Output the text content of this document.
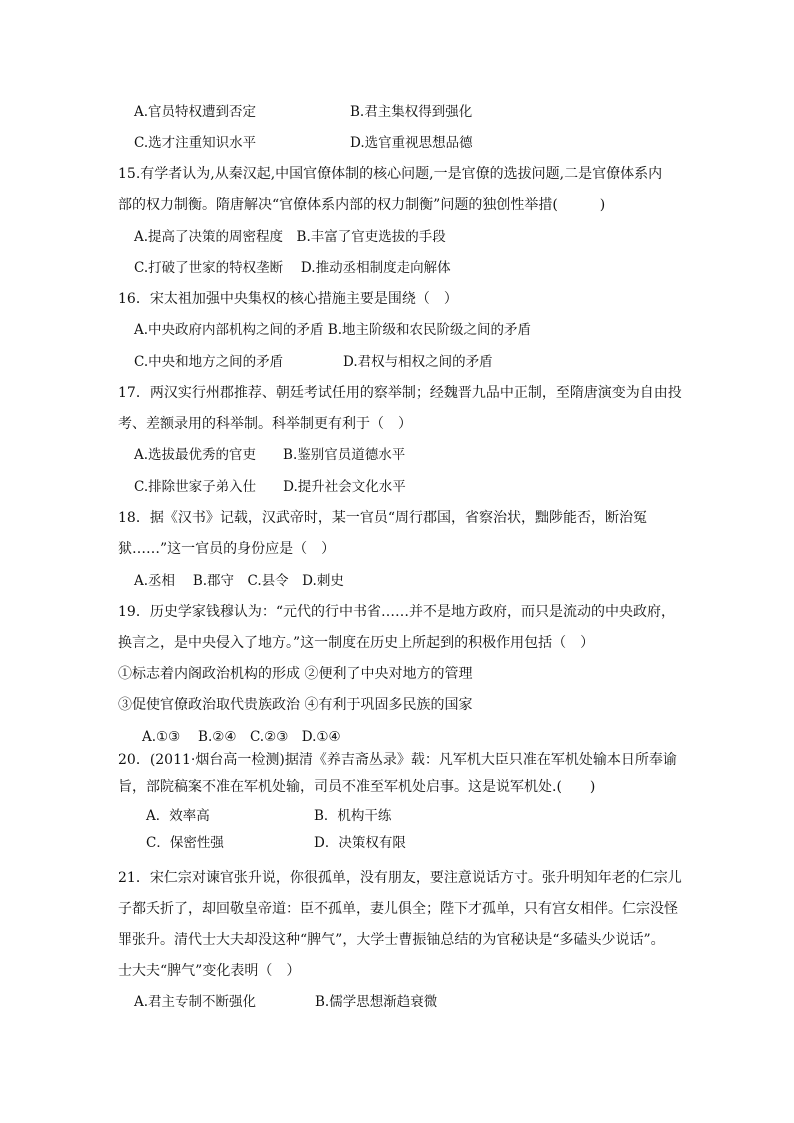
A.官员特权遭到否定	B.君主集权得到强化
C.选才注重知识水平	D.选官重视思想品德
15.有学者认为,从秦汉起,中国官僚体制的核心问题,一是官僚的选拔问题,二是官僚体系内
部的权力制衡。隋唐解决“官僚体系内部的权力制衡”问题的独创性举措(　　　)
A.提高了决策的周密程度　B.丰富了官吏选拔的手段
C.打破了世家的特权垄断　 D.推动丞相制度走向解体
16．宋太祖加强中央集权的核心措施主要是围绕（　）
A.中央政府内部机构之间的矛盾 B.地主阶级和农民阶级之间的矛盾
C.中央和地方之间的矛盾	D.君权与相权之间的矛盾
17．两汉实行州郡推荐、朝廷考试任用的察举制；经魏晋九品中正制，至隋唐演变为自由投
考、差额录用的科举制。科举制更有利于（　）
A.选拔最优秀的官吏　　B.鉴别官员道德水平
C.排除世家子弟入仕　　D.提升社会文化水平
18．据《汉书》记载，汉武帝时，某一官员“周行郡国，省察治状，黜陟能否，断治冤
狱……”这一官员的身份应是（　）
A.丞相　 B.郡守　C.县令　D.刺史
19．历史学家钱穆认为：“元代的行中书省……并不是地方政府，而只是流动的中央政府，
换言之，是中央侵入了地方。”这一制度在历史上所起到的积极作用包括（　）
①标志着内阁政治机构的形成 ②便利了中央对地方的管理
③促使官僚政治取代贵族政治 ④有利于巩固多民族的国家
A.①③　 B.②④　C.②③　D.①④
20．(2011·烟台高一检测)据清《养吉斋丛录》载：凡军机大臣只准在军机处输本日所奉谕
旨，部院稿案不准在军机处输，司员不准至军机处启事。这是说军机处.(　　)
A．效率高	B．机构干练
C．保密性强	D．决策权有限
21．宋仁宗对谏官张升说，你很孤单，没有朋友，要注意说话方寸。张升明知年老的仁宗儿
子都夭折了，却回敬皇帝道：臣不孤单，妻儿俱全；陛下才孤单，只有宫女相伴。仁宗没怪
罪张升。清代士大夫却没这种“脾气”，大学士曹振铀总结的为官秘诀是“多磕头少说话”。
士大夫“脾气”变化表明（　）
A.君主专制不断强化	B.儒学思想渐趋衰微
